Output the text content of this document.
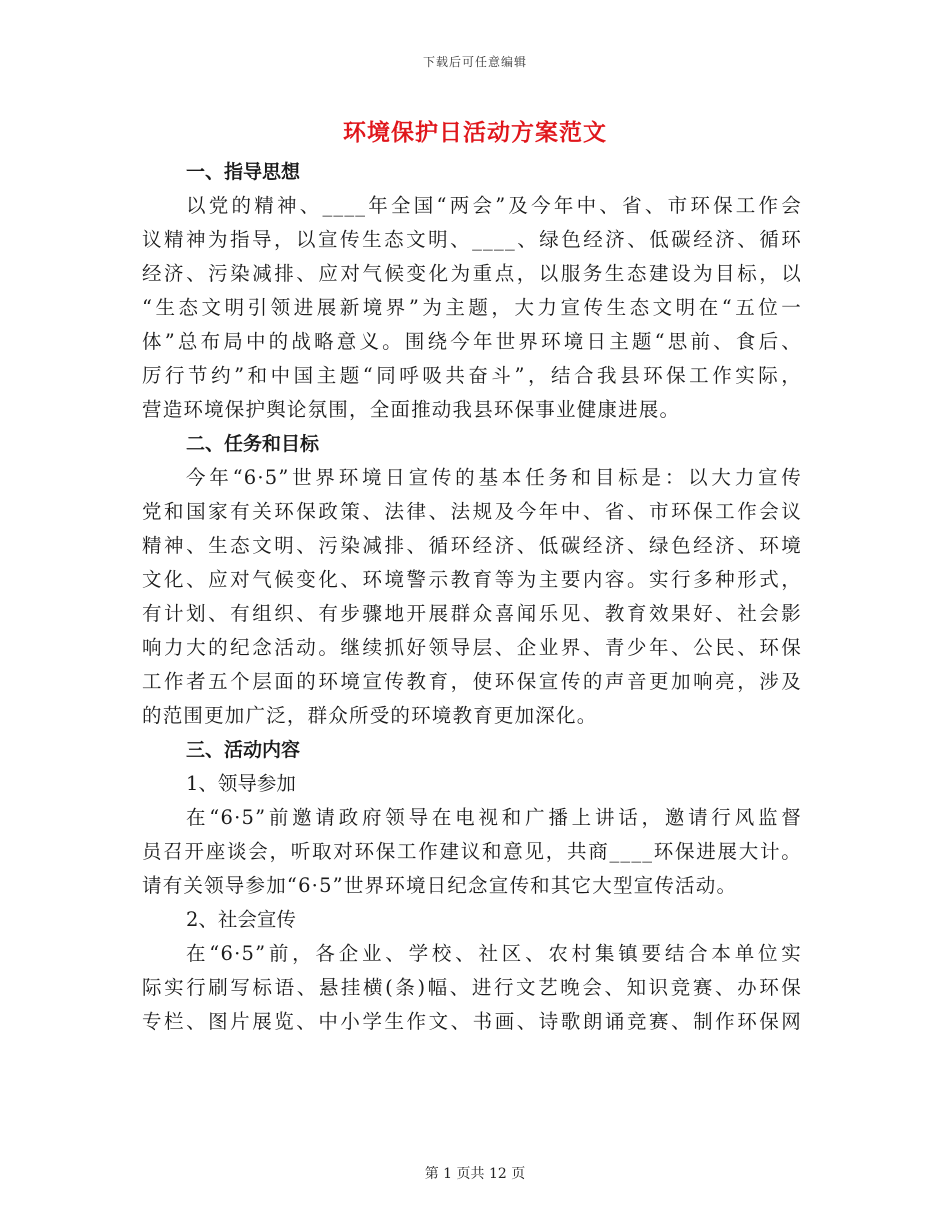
下载后可任意编辑
环境保护日活动方案范文
一、指导思想
以党的精神、____年全国“两会”及今年中、省、市环保工作会
议精神为指导，以宣传生态文明、____、绿色经济、低碳经济、循环
经济、污染减排、应对气候变化为重点，以服务生态建设为目标，以
“生态文明引领进展新境界”为主题，大力宣传生态文明在“五位一
体”总布局中的战略意义。围绕今年世界环境日主题“思前、食后、
厉行节约”和中国主题“同呼吸共奋斗”，结合我县环保工作实际，
营造环境保护舆论氛围，全面推动我县环保事业健康进展。
二、任务和目标
今年“6·5”世界环境日宣传的基本任务和目标是：以大力宣传
党和国家有关环保政策、法律、法规及今年中、省、市环保工作会议
精神、生态文明、污染减排、循环经济、低碳经济、绿色经济、环境
文化、应对气候变化、环境警示教育等为主要内容。实行多种形式，
有计划、有组织、有步骤地开展群众喜闻乐见、教育效果好、社会影
响力大的纪念活动。继续抓好领导层、企业界、青少年、公民、环保
工作者五个层面的环境宣传教育，使环保宣传的声音更加响亮，涉及
的范围更加广泛，群众所受的环境教育更加深化。
三、活动内容
1、领导参加
在“6·5”前邀请政府领导在电视和广播上讲话，邀请行风监督
员召开座谈会，听取对环保工作建议和意见，共商____环保进展大计。
请有关领导参加“6·5”世界环境日纪念宣传和其它大型宣传活动。
2、社会宣传
在“6·5”前，各企业、学校、社区、农村集镇要结合本单位实
际实行刷写标语、悬挂横(条)幅、进行文艺晚会、知识竞赛、办环保
专栏、图片展览、中小学生作文、书画、诗歌朗诵竞赛、制作环保网
第 1 页共 12 页
